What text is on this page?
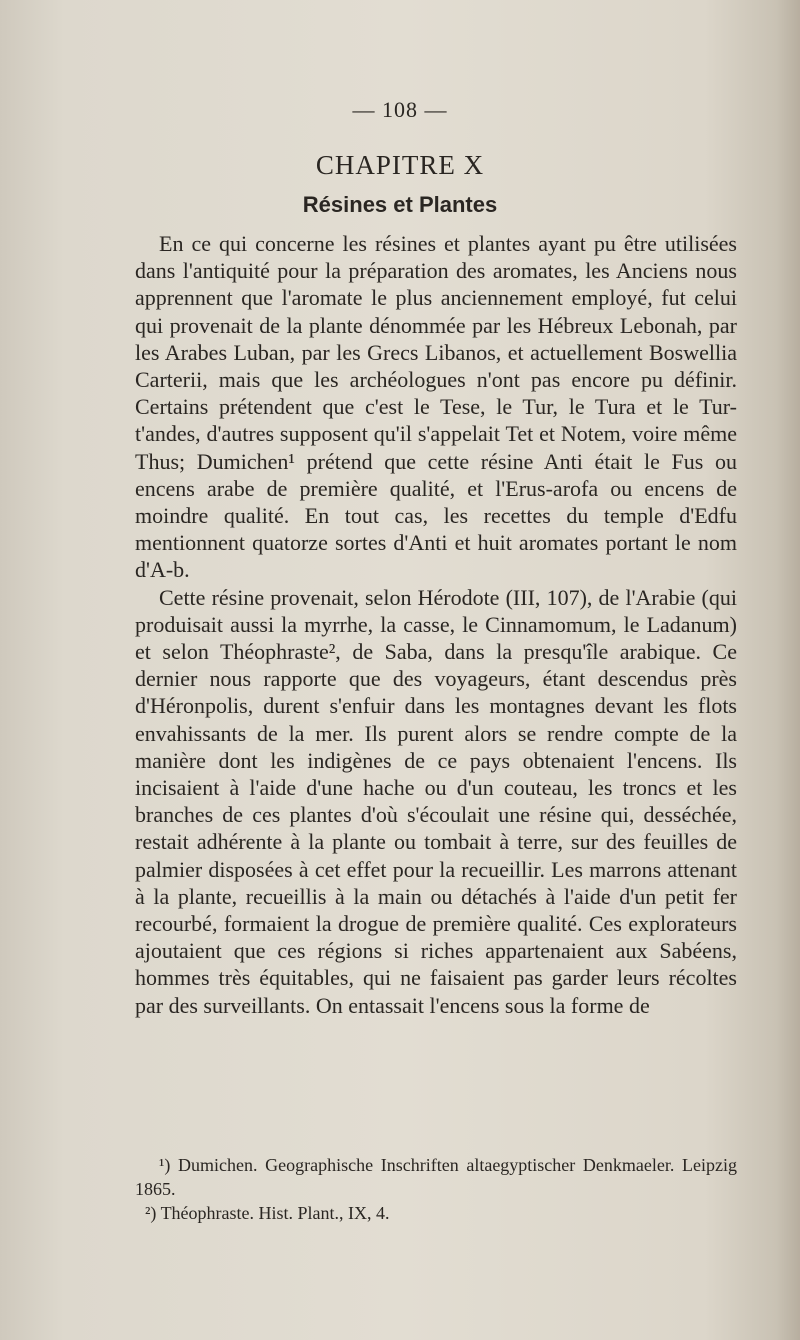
— 108 —
CHAPITRE X
Résines et Plantes

En ce qui concerne les résines et plantes ayant pu être utilisées dans l'antiquité pour la préparation des aromates, les Anciens nous apprennent que l'aromate le plus anciennement employé, fut celui qui provenait de la plante dénommée par les Hébreux Lebonah, par les Arabes Luban, par les Grecs Libanos, et actuellement Boswellia Carterii, mais que les archéologues n'ont pas encore pu définir. Certains prétendent que c'est le Tese, le Tur, le Tura et le Tur-t'andes, d'autres supposent qu'il s'appelait Tet et Notem, voire même Thus; Dumichen¹ prétend que cette résine Anti était le Fus ou encens arabe de première qualité, et l'Erus-arofa ou encens de moindre qualité. En tout cas, les recettes du temple d'Edfu mentionnent quatorze sortes d'Anti et huit aromates portant le nom d'A-b.

Cette résine provenait, selon Hérodote (III, 107), de l'Arabie (qui produisait aussi la myrrhe, la casse, le Cinnamomum, le Ladanum) et selon Théophraste², de Saba, dans la presqu'île arabique. Ce dernier nous rapporte que des voyageurs, étant descendus près d'Héronpolis, durent s'enfuir dans les montagnes devant les flots envahissants de la mer. Ils purent alors se rendre compte de la manière dont les indigènes de ce pays obtenaient l'encens. Ils incisaient à l'aide d'une hache ou d'un couteau, les troncs et les branches de ces plantes d'où s'écoulait une résine qui, desséchée, restait adhérente à la plante ou tombait à terre, sur des feuilles de palmier disposées à cet effet pour la recueillir. Les marrons attenant à la plante, recueillis à la main ou détachés à l'aide d'un petit fer recourbé, formaient la drogue de première qualité. Ces explorateurs ajoutaient que ces régions si riches appartenaient aux Sabéens, hommes très équitables, qui ne faisaient pas garder leurs récoltes par des surveillants. On entassait l'encens sous la forme de

¹) Dumichen. Geographische Inschriften altaegyptischer Denkmaeler. Leipzig 1865.

²) Théophraste. Hist. Plant., IX, 4.
